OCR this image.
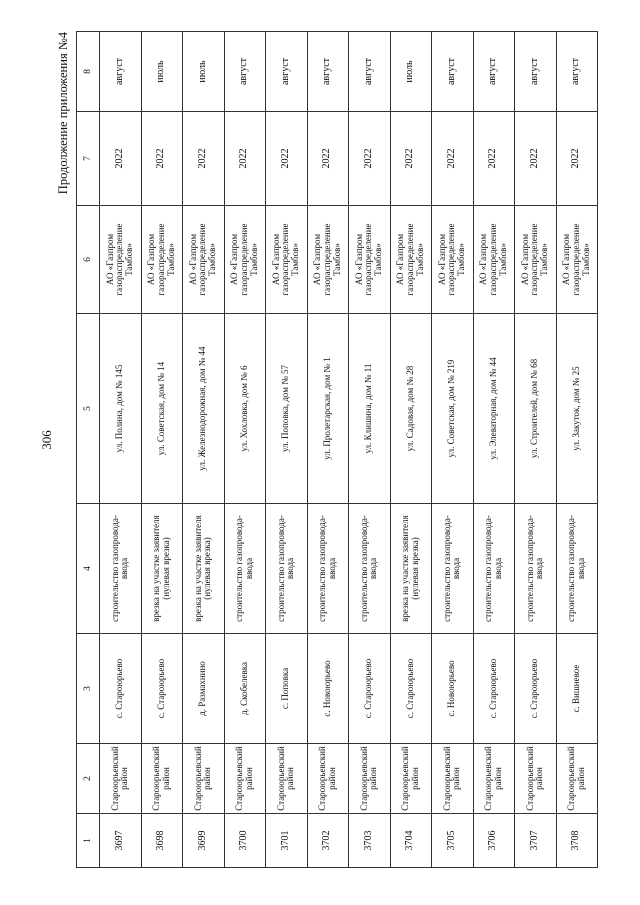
306
Продолжение приложения №4
1	2	3	4	5	6	7	8
3697	Староюрьевский район	с. Староюрьево	строительство газопровода-ввода	ул. Полина, дом № 145	АО «Газпром газораспределение Тамбов»	2022	август
3698	Староюрьевский район	с. Староюрьево	врезка на участке заявителя (нулевая врезка)	ул. Советская, дом № 14	АО «Газпром газораспределение Тамбов»	2022	июль
3699	Староюрьевский район	д. Размахнино	врезка на участке заявителя (нулевая врезка)	ул. Железнодорожная, дом № 44	АО «Газпром газораспределение Тамбов»	2022	июль
3700	Староюрьевский район	д. Скобелевка	строительство газопровода-ввода	ул. Хохловка, дом № 6	АО «Газпром газораспределение Тамбов»	2022	август
3701	Староюрьевский район	с. Поповка	строительство газопровода-ввода	ул. Поповка, дом № 57	АО «Газпром газораспределение Тамбов»	2022	август
3702	Староюрьевский район	с. Новоюрьево	строительство газопровода-ввода	ул. Пролетарская, дом № 1	АО «Газпром газораспределение Тамбов»	2022	август
3703	Староюрьевский район	с. Староюрьево	строительство газопровода-ввода	ул. Клишина, дом № 11	АО «Газпром газораспределение Тамбов»	2022	август
3704	Староюрьевский район	с. Староюрьево	врезка на участке заявителя (нулевая врезка)	ул. Садовая, дом № 28	АО «Газпром газораспределение Тамбов»	2022	июль
3705	Староюрьевский район	с. Новоюрьево	строительство газопровода-ввода	ул. Советская, дом № 219	АО «Газпром газораспределение Тамбов»	2022	август
3706	Староюрьевский район	с. Староюрьево	строительство газопровода-ввода	ул. Элеваторная, дом № 44	АО «Газпром газораспределение Тамбов»	2022	август
3707	Староюрьевский район	с. Староюрьево	строительство газопровода-ввода	ул. Строителей, дом № 68	АО «Газпром газораспределение Тамбов»	2022	август
3708	Староюрьевский район	с. Вишневое	строительство газопровода-ввода	ул. Закуток, дом № 25	АО «Газпром газораспределение Тамбов»	2022	август
